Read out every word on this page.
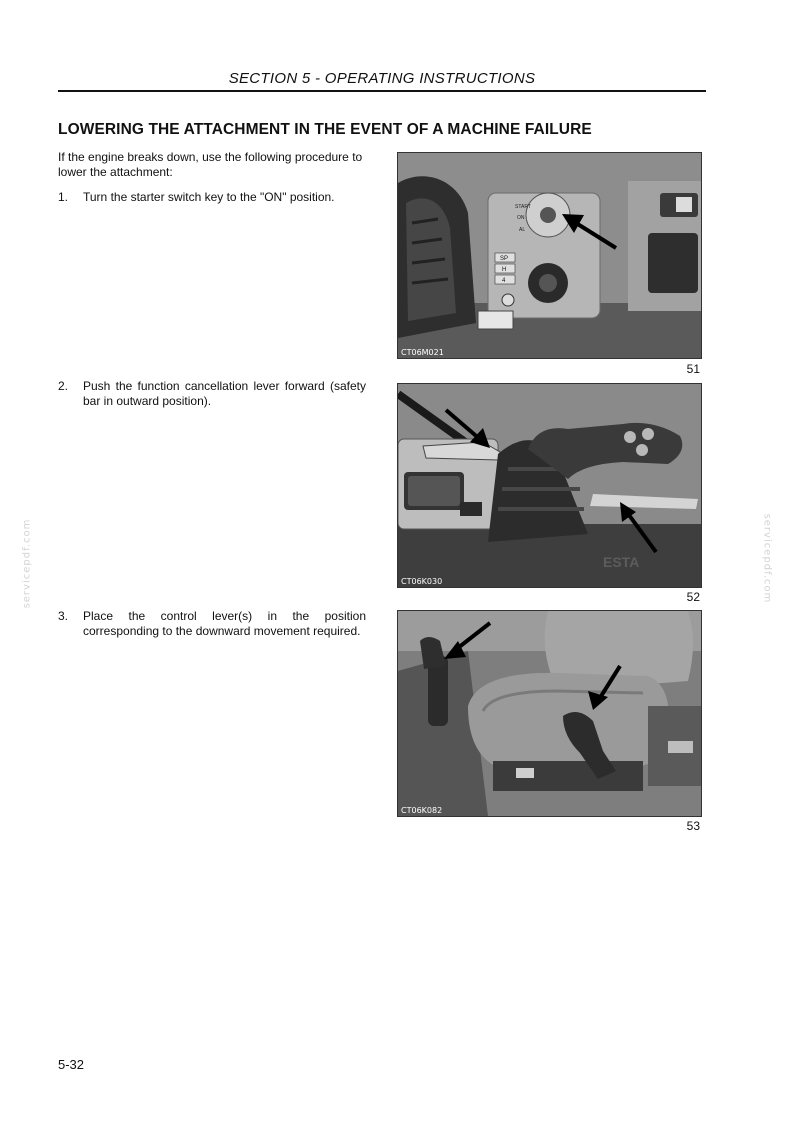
SECTION 5 - OPERATING INSTRUCTIONS
LOWERING THE ATTACHMENT IN THE EVENT OF A MACHINE FAILURE
If the engine breaks down, use the following procedure to lower the attachment:
1. Turn the starter switch key to the "ON" position.
2. Push the function cancellation lever forward (safety bar in outward position).
3. Place the control lever(s) in the position corresponding to the downward movement required.
START
ON
AL
SP
H
4
CT06M021
51
ESTA
CT06K030
52
CT06K082
53
servicepdf.com	servicepdf.com
5-32
